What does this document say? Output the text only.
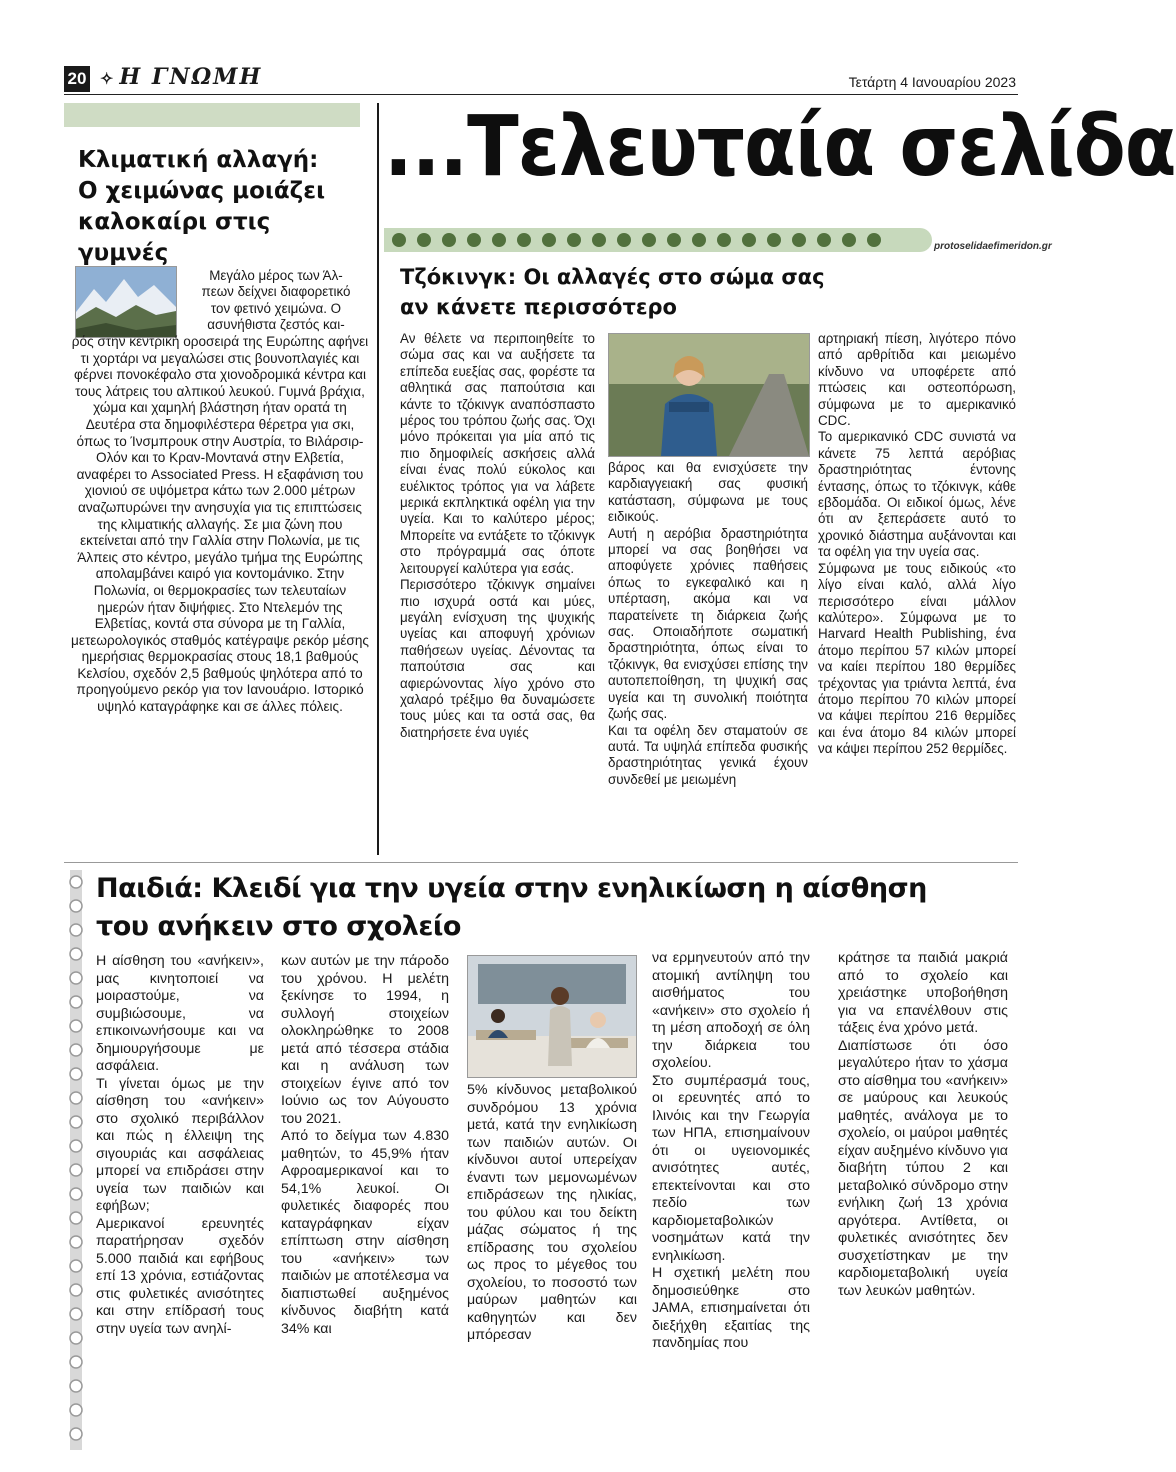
20 ✧ Η ΓΝΩΜΗ	Τετάρτη 4 Ιανουαρίου 2023
Κλιματική αλλαγή:
Ο χειμώνας μοιάζει
καλοκαίρι στις γυμνές
Μεγάλο μέρος των Άλ-
πεων δείχνει διαφορετικό
τον φετινό χειμώνα. Ο
ασυνήθιστα ζεστός και-
ρός στην κεντρική οροσειρά της Ευρώπης αφήνει τι χορτάρι να μεγαλώσει στις βουνοπλαγιές και φέρνει πονοκέφαλο στα χιονοδρομικά κέντρα και τους λάτρεις του αλπικού λευκού. Γυμνά βράχια, χώμα και χαμηλή βλάστηση ήταν ορατά τη Δευτέρα στα δημοφιλέστερα θέρετρα για σκι, όπως το Ίνσμπρουκ στην Αυστρία, το Βιλάρσιρ-Ολόν και το Κραν-Μοντανά στην Ελβετία, αναφέρει το Associated Press. Η εξαφάνιση του χιονιού σε υψόμετρα κάτω των 2.000 μέτρων αναζωπυρώνει την ανησυχία για τις επιπτώσεις της κλιματικής αλλαγής. Σε μια ζώνη που εκτείνεται από την Γαλλία στην Πολωνία, με τις Άλπεις στο κέντρο, μεγάλο τμήμα της Ευρώπης απολαμβάνει καιρό για κοντομάνικο. Στην Πολωνία, οι θερμοκρασίες των τελευταίων ημερών ήταν διψήφιες. Στο Ντελεμόν της Ελβετίας, κοντά στα σύνορα με τη Γαλλία, μετεωρολογικός σταθμός κατέγραψε ρεκόρ μέσης ημερήσιας θερμοκρασίας στους 18,1 βαθμούς Κελσίου, σχεδόν 2,5 βαθμούς ψηλότερα από το προηγούμενο ρεκόρ για τον Ιανουάριο. Ιστορικό υψηλό καταγράφηκε και σε άλλες πόλεις.
...Τελευταία σελίδα
protoselidaefimeridon.gr
Τζόκινγκ: Οι αλλαγές στο σώμα σας
αν κάνετε περισσότερο

Αν θέλετε να περιποιηθείτε το σώμα σας και να αυξήσετε τα επίπεδα ευεξίας σας, φορέστε τα αθλητικά σας παπούτσια και κάντε το τζόκινγκ αναπόσπαστο μέρος του τρόπου ζωής σας. Όχι μόνο πρόκειται για μία από τις πιο δημοφιλείς ασκήσεις αλλά είναι ένας πολύ εύκολος και ευέλικτος τρόπος για να λάβετε μερικά εκπληκτικά οφέλη για την υγεία. Και το καλύτερο μέρος; Μπορείτε να εντάξετε το τζόκινγκ στο πρόγραμμά σας όποτε λειτουργεί καλύτερα για εσάς.

Περισσότερο τζόκινγκ σημαίνει πιο ισχυρά οστά και μύες, μεγάλη ενίσχυση της ψυχικής υγείας και αποφυγή χρόνιων παθήσεων υγείας. Δένοντας τα παπούτσια σας και αφιερώνοντας λίγο χρόνο στο χαλαρό τρέξιμο θα δυναμώσετε τους μύες και τα οστά σας, θα διατηρήσετε ένα υγιές

βάρος και θα ενισχύσετε την καρδιαγγειακή σας φυσική κατάσταση, σύμφωνα με τους ειδικούς.

Αυτή η αερόβια δραστηριότητα μπορεί να σας βοηθήσει να αποφύγετε χρόνιες παθήσεις όπως το εγκεφαλικό και η υπέρταση, ακόμα και να παρατείνετε τη διάρκεια ζωής σας. Οποιαδήποτε σωματική δραστηριότητα, όπως είναι το τζόκινγκ, θα ενισχύσει επίσης την αυτοπεποίθηση, τη ψυχική σας υγεία και τη συνολική ποιότητα ζωής σας.

Και τα οφέλη δεν σταματούν σε αυτά. Τα υψηλά επίπεδα φυσικής δραστηριότητας γενικά έχουν συνδεθεί με μειωμένη

αρτηριακή πίεση, λιγότερο πόνο από αρθρίτιδα και μειωμένο κίνδυνο να υποφέρετε από πτώσεις και οστεοπόρωση, σύμφωνα με το αμερικανικό CDC.

Το αμερικανικό CDC συνιστά να κάνετε 75 λεπτά αερόβιας δραστηριότητας έντονης έντασης, όπως το τζόκινγκ, κάθε εβδομάδα. Οι ειδικοί όμως, λένε ότι αν ξεπεράσετε αυτό το χρονικό διάστημα αυξάνονται και τα οφέλη για την υγεία σας.

Σύμφωνα με τους ειδικούς «το λίγο είναι καλό, αλλά λίγο περισσότερο είναι μάλλον καλύτερο». Σύμφωνα με το Harvard Health Publishing, ένα άτομο περίπου 57 κιλών μπορεί να καίει περίπου 180 θερμίδες τρέχοντας για τριάντα λεπτά, ένα άτομο περίπου 70 κιλών μπορεί να κάψει περίπου 216 θερμίδες και ένα άτομο 84 κιλών μπορεί να κάψει περίπου 252 θερμίδες.

Παιδιά: Κλειδί για την υγεία στην ενηλικίωση η αίσθηση
του ανήκειν στο σχολείο

Η αίσθηση του «ανήκειν», μας κινητοποιεί να μοιραστούμε, να συμβιώσουμε, να επικοινωνήσουμε και να δημιουργήσουμε με ασφάλεια.

Τι γίνεται όμως με την αίσθηση του «ανήκειν» στο σχολικό περιβάλλον και πώς η έλλειψη της σιγουριάς και ασφάλειας μπορεί να επιδράσει στην υγεία των παιδιών και εφήβων;

Αμερικανοί ερευνητές παρατήρησαν σχεδόν 5.000 παιδιά και εφήβους επί 13 χρόνια, εστιάζοντας στις φυλετικές ανισότητες και στην επίδρασή τους στην υγεία των ανηλί-

κων αυτών με την πάροδο του χρόνου. Η μελέτη ξεκίνησε το 1994, η συλλογή στοιχείων ολοκληρώθηκε το 2008 μετά από τέσσερα στάδια και η ανάλυση των στοιχείων έγινε από τον Ιούνιο ως τον Αύγουστο του 2021.

Από το δείγμα των 4.830 μαθητών, το 45,9% ήταν Αφροαμερικανοί και το 54,1% λευκοί. Οι φυλετικές διαφορές που καταγράφηκαν είχαν επίπτωση στην αίσθηση του «ανήκειν» των παιδιών με αποτέλεσμα να διαπιστωθεί αυξημένος κίνδυνος διαβήτη κατά 34% και

5% κίνδυνος μεταβολικού συνδρόμου 13 χρόνια μετά, κατά την ενηλικίωση των παιδιών αυτών. Οι κίνδυνοι αυτοί υπερείχαν έναντι των μεμονωμένων επιδράσεων της ηλικίας, του φύλου και του δείκτη μάζας σώματος ή της επίδρασης του σχολείου ως προς το μέγεθος του σχολείου, το ποσοστό των μαύρων μαθητών και καθηγητών και δεν μπόρεσαν

να ερμηνευτούν από την ατομική αντίληψη του αισθήματος του «ανήκειν» στο σχολείο ή τη μέση αποδοχή σε όλη την διάρκεια του σχολείου.

Στο συμπέρασμά τους, οι ερευνητές από το Ιλινόις και την Γεωργία των ΗΠΑ, επισημαίνουν ότι οι υγειονομικές ανισότητες αυτές, επεκτείνονται και στο πεδίο των καρδιομεταβολικών νοσημάτων κατά την ενηλικίωση.

Η σχετική μελέτη που δημοσιεύθηκε στο JAMA, επισημαίνεται ότι διεξήχθη εξαιτίας της πανδημίας που

κράτησε τα παιδιά μακριά από το σχολείο και χρειάστηκε υποβοήθηση για να επανέλθουν στις τάξεις ένα χρόνο μετά.

Διαπίστωσε ότι όσο μεγαλύτερο ήταν το χάσμα στο αίσθημα του «ανήκειν» σε μαύρους και λευκούς μαθητές, ανάλογα με το σχολείο, οι μαύροι μαθητές είχαν αυξημένο κίνδυνο για διαβήτη τύπου 2 και μεταβολικό σύνδρομο στην ενήλικη ζωή 13 χρόνια αργότερα. Αντίθετα, οι φυλετικές ανισότητες δεν συσχετίστηκαν με την καρδιομεταβολική υγεία των λευκών μαθητών.
